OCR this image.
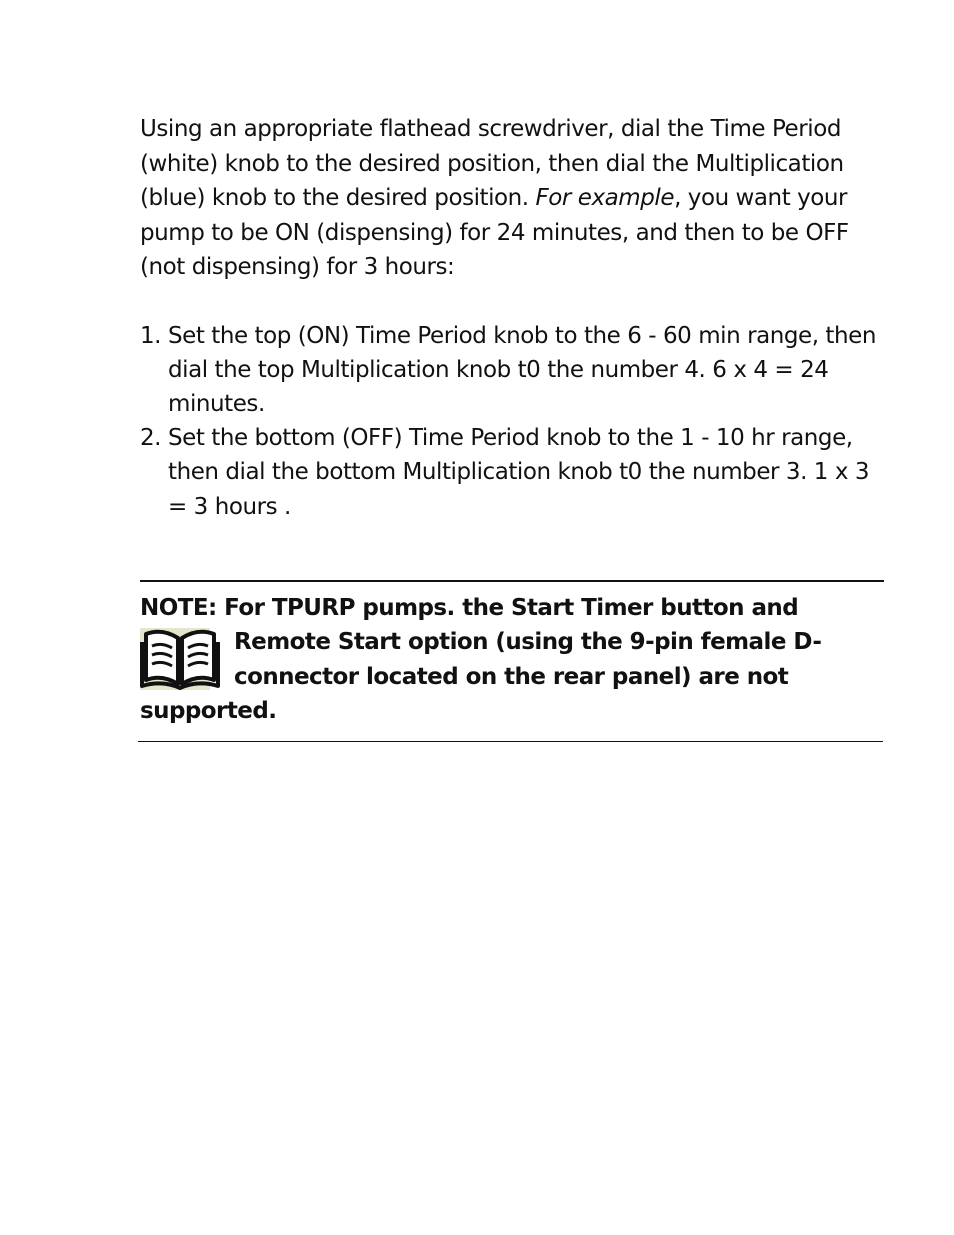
Using an appropriate flathead screwdriver, dial the Time Period (white) knob to the desired position, then dial the Multiplication (blue) knob to the desired position. For example, you want your pump to be ON (dispensing) for 24 minutes, and then to be OFF (not dispensing) for 3 hours:

1. Set the top (ON) Time Period knob to the 6 - 60 min range, then dial the top Multiplication knob t0 the number 4. 6 x 4 = 24 minutes.
2. Set the bottom (OFF) Time Period knob to the 1 - 10 hr range, then dial the bottom Multiplication knob t0 the number 3. 1 x 3 = 3 hours .

NOTE: For TPURP pumps. the Start Timer button and

Remote Start option (using the 9-pin female D-connector located on the rear panel) are not supported.
